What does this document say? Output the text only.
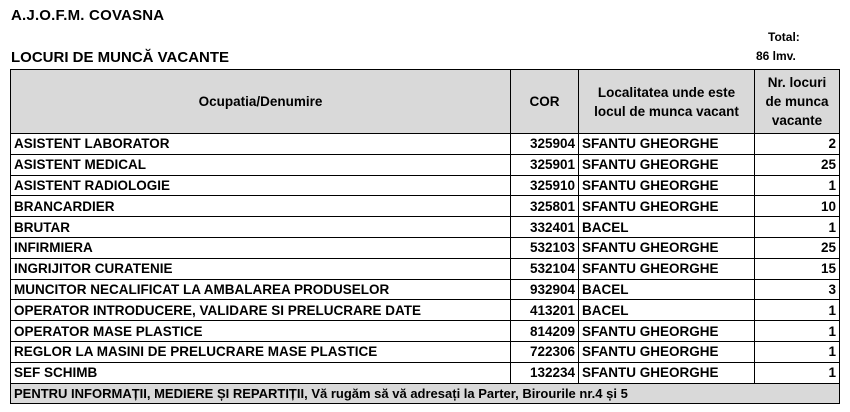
A.J.O.F.M. COVASNA
LOCURI DE MUNCĂ VACANTE
Total:
86 lmv.
Ocupatia/Denumire	COR	Localitatea unde este locul de munca vacant	Nr. locuri de munca vacante
ASISTENT LABORATOR	325904	SFANTU GHEORGHE	2
ASISTENT MEDICAL	325901	SFANTU GHEORGHE	25
ASISTENT RADIOLOGIE	325910	SFANTU GHEORGHE	1
BRANCARDIER	325801	SFANTU GHEORGHE	10
BRUTAR	332401	BACEL	1
INFIRMIERA	532103	SFANTU GHEORGHE	25
INGRIJITOR CURATENIE	532104	SFANTU GHEORGHE	15
MUNCITOR NECALIFICAT LA AMBALAREA PRODUSELOR	932904	BACEL	3
OPERATOR INTRODUCERE, VALIDARE SI PRELUCRARE DATE	413201	BACEL	1
OPERATOR MASE PLASTICE	814209	SFANTU GHEORGHE	1
REGLOR LA MASINI DE PRELUCRARE MASE PLASTICE	722306	SFANTU GHEORGHE	1
SEF SCHIMB	132234	SFANTU GHEORGHE	1
PENTRU INFORMAȚII, MEDIERE ȘI REPARTIȚII, Vă rugăm să vă adresați la Parter, Birourile nr.4 și 5			
